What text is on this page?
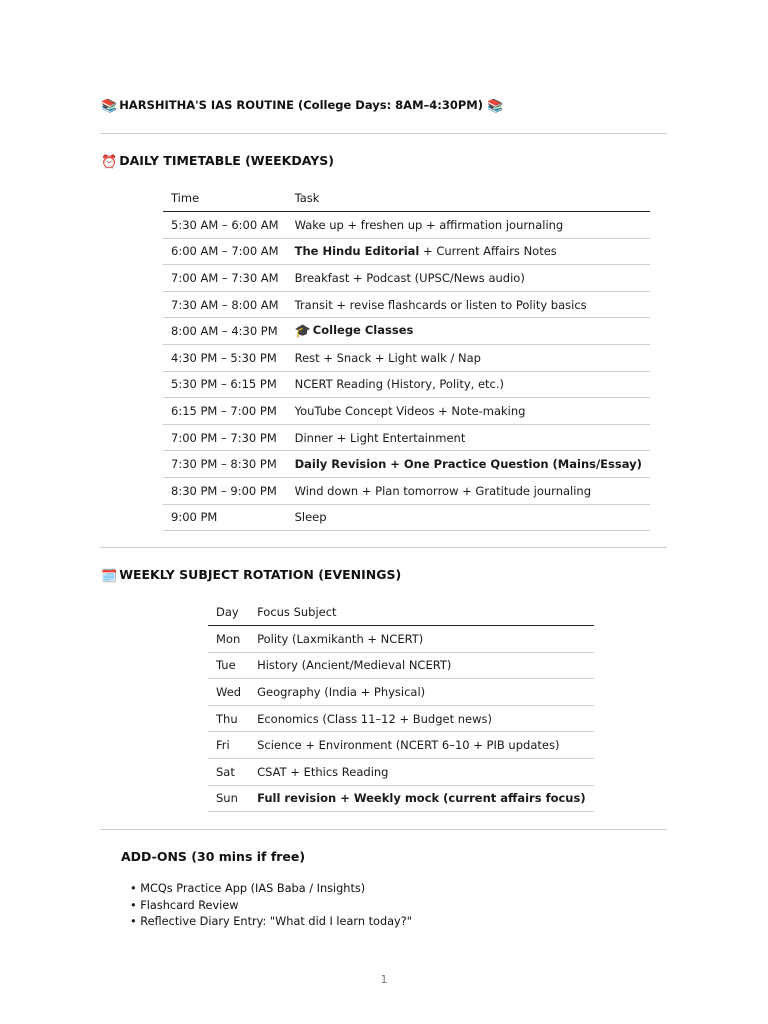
📚 HARSHITHA'S IAS ROUTINE (College Days: 8AM–4:30PM) 📚
⏰ DAILY TIMETABLE (WEEKDAYS)
Time	Task
5:30 AM – 6:00 AM	Wake up + freshen up + affirmation journaling
6:00 AM – 7:00 AM	The Hindu Editorial + Current Affairs Notes
7:00 AM – 7:30 AM	Breakfast + Podcast (UPSC/News audio)
7:30 AM – 8:00 AM	Transit + revise flashcards or listen to Polity basics
8:00 AM – 4:30 PM	🎓 College Classes
4:30 PM – 5:30 PM	Rest + Snack + Light walk / Nap
5:30 PM – 6:15 PM	NCERT Reading (History, Polity, etc.)
6:15 PM – 7:00 PM	YouTube Concept Videos + Note-making
7:00 PM – 7:30 PM	Dinner + Light Entertainment
7:30 PM – 8:30 PM	Daily Revision + One Practice Question (Mains/Essay)
8:30 PM – 9:00 PM	Wind down + Plan tomorrow + Gratitude journaling
9:00 PM	Sleep
🗓️ WEEKLY SUBJECT ROTATION (EVENINGS)
Day	Focus Subject
Mon	Polity (Laxmikanth + NCERT)
Tue	History (Ancient/Medieval NCERT)
Wed	Geography (India + Physical)
Thu	Economics (Class 11–12 + Budget news)
Fri	Science + Environment (NCERT 6–10 + PIB updates)
Sat	CSAT + Ethics Reading
Sun	Full revision + Weekly mock (current affairs focus)
ADD-ONS (30 mins if free)
• MCQs Practice App (IAS Baba / Insights)
• Flashcard Review
• Reflective Diary Entry: "What did I learn today?"
1
